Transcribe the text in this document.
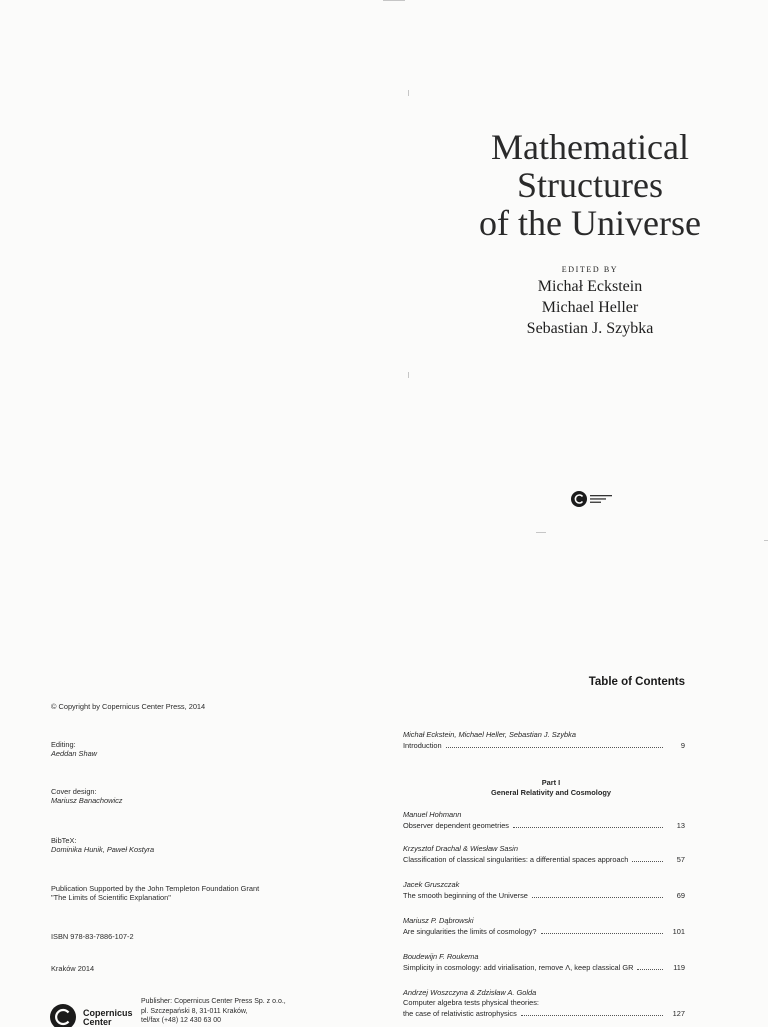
Mathematical
Structures
of the Universe
EDITED BY
Michał Eckstein
Michael Heller
Sebastian J. Szybka
© Copyright by Copernicus Center Press, 2014
Editing:
Aeddan Shaw
Cover design:
Mariusz Banachowicz
BibTeX:
Dominika Hunik, Paweł Kostyra
Publication Supported by the John Templeton Foundation Grant
"The Limits of Scientific Explanation"
ISBN 978-83-7886-107-2
Kraków 2014
Copernicus
Center
Publisher: Copernicus Center Press Sp. z o.o.,
pl. Szczepański 8, 31-011 Kraków,
tel/fax (+48) 12 430 63 00
Table of Contents
Michał Eckstein, Michael Heller, Sebastian J. Szybka
Introduction	9
Part I
General Relativity and Cosmology
Manuel Hohmann
Observer dependent geometries	13
Krzysztof Drachal & Wiesław Sasin
Classification of classical singularities: a differential spaces approach	57
Jacek Gruszczak
The smooth beginning of the Universe	69
Mariusz P. Dąbrowski
Are singularities the limits of cosmology?	101
Boudewijn F. Roukema
Simplicity in cosmology: add virialisation, remove Λ, keep classical GR	119
Andrzej Woszczyna & Zdzisław A. Golda
Computer algebra tests physical theories:
the case of relativistic astrophysics	127
